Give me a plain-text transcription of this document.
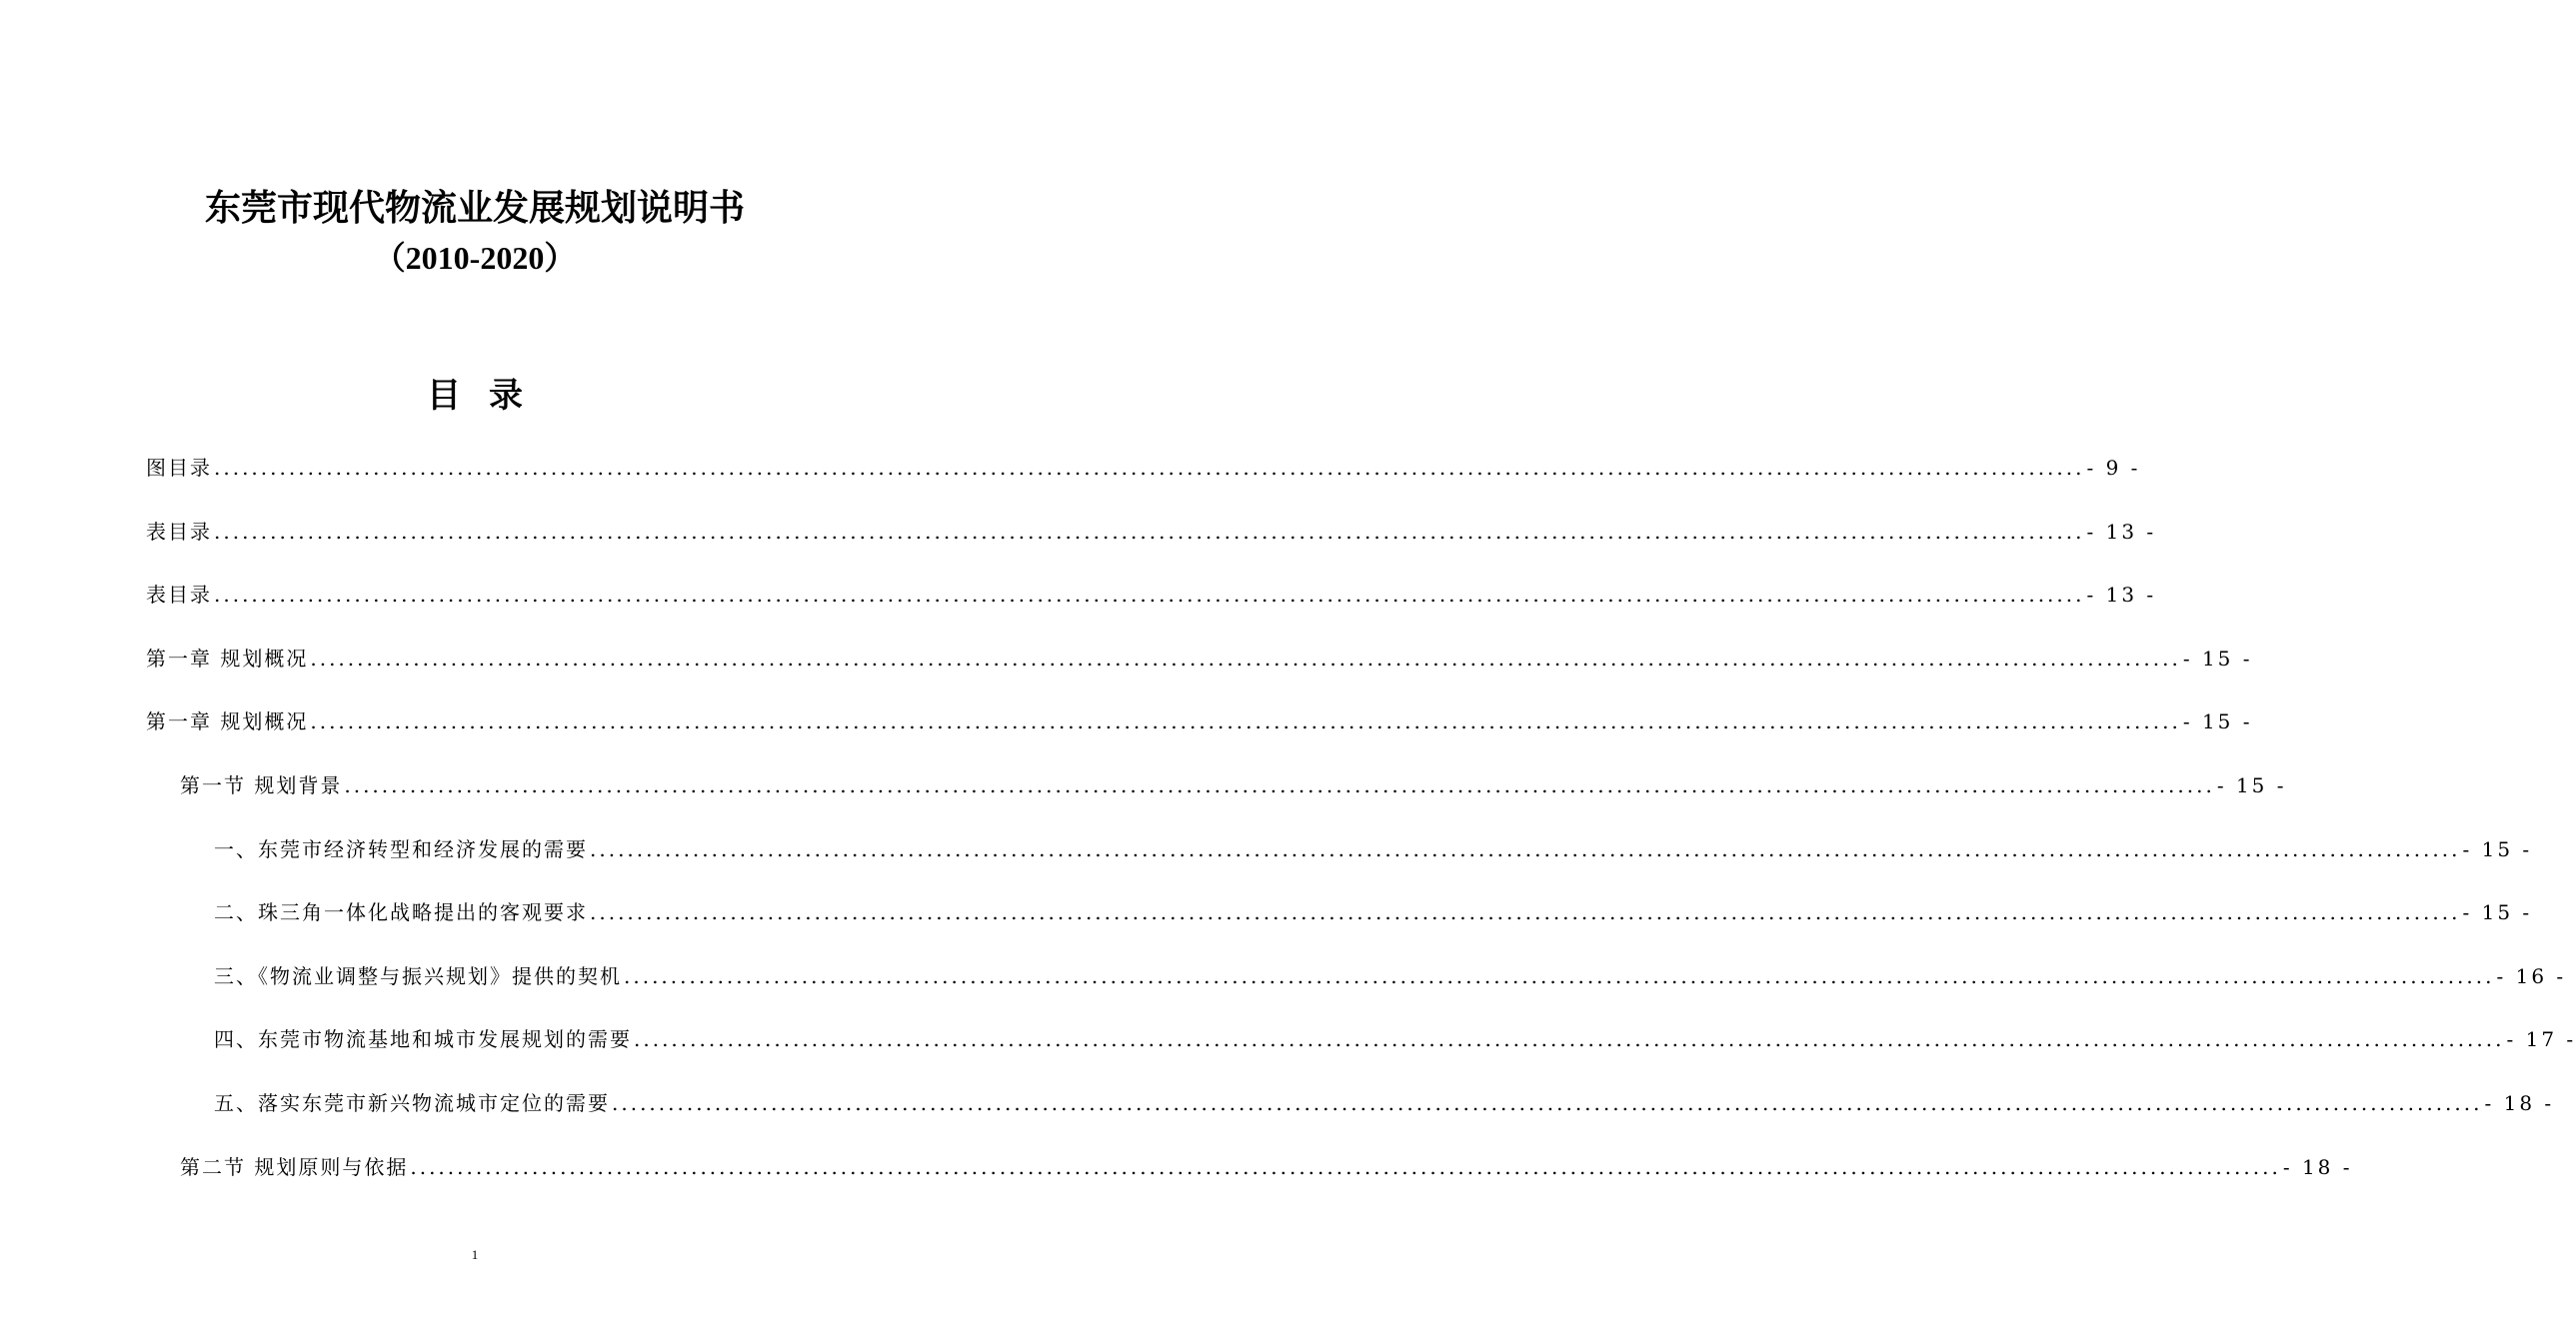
东莞市现代物流业发展规划说明书
（2010-2020）
目录
图目录 ........................................................................................................................................................................................................ - 9 -
表目录 ........................................................................................................................................................................................................ - 13 -
表目录 ........................................................................................................................................................................................................ - 13 -
第一章 规划概况 ........................................................................................................................................................................................................ - 15 -
第一章 规划概况 ........................................................................................................................................................................................................ - 15 -
第一节 规划背景 ........................................................................................................................................................................................................ - 15 -
一、东莞市经济转型和经济发展的需要 ........................................................................................................................................................................................................ - 15 -
二、珠三角一体化战略提出的客观要求 ........................................................................................................................................................................................................ - 15 -
三、《物流业调整与振兴规划》提供的契机 ........................................................................................................................................................................................................ - 16 -
四、东莞市物流基地和城市发展规划的需要 ........................................................................................................................................................................................................ - 17 -
五、落实东莞市新兴物流城市定位的需要 ........................................................................................................................................................................................................ - 18 -
第二节 规划原则与依据 ........................................................................................................................................................................................................ - 18 -
1
